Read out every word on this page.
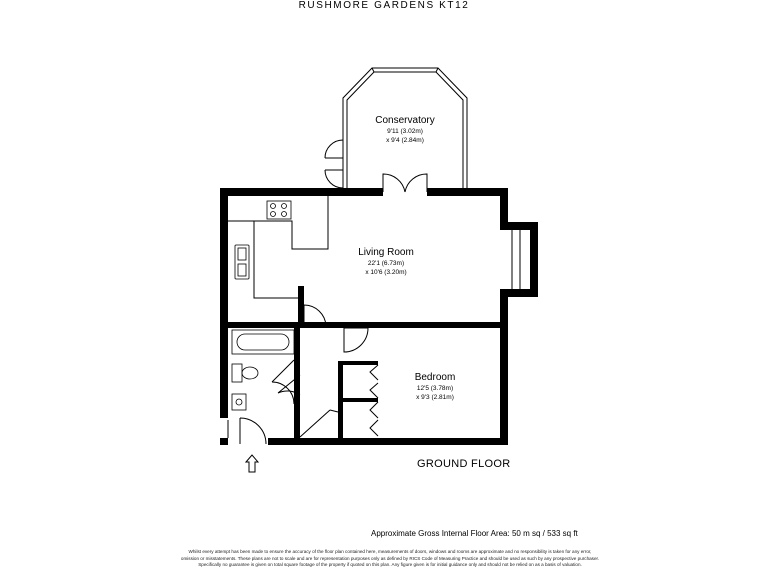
RUSHMORE GARDENS KT12
Conservatory
9'11 (3.02m)
x 9'4 (2.84m)
Living Room
22'1 (6.73m)
x 10'6 (3.20m)
Bedroom
12'5 (3.78m)
x 9'3 (2.81m)
GROUND FLOOR
Approximate Gross Internal Floor Area: 50 m sq / 533 sq ft
Whilst every attempt has been made to ensure the accuracy of the floor plan contained here, measurements of doors, windows and rooms are approximate and no responsibility is taken for any error, omission or misstatements. These plans are not to scale and are for representation purposes only as defined by RICS Code of Measuring Practice and should be used as such by any prospective purchaser. Specifically no guarantee is given on total square footage of the property if quoted on this plan. Any figure given is for initial guidance only and should not be relied on as a basis of valuation.
